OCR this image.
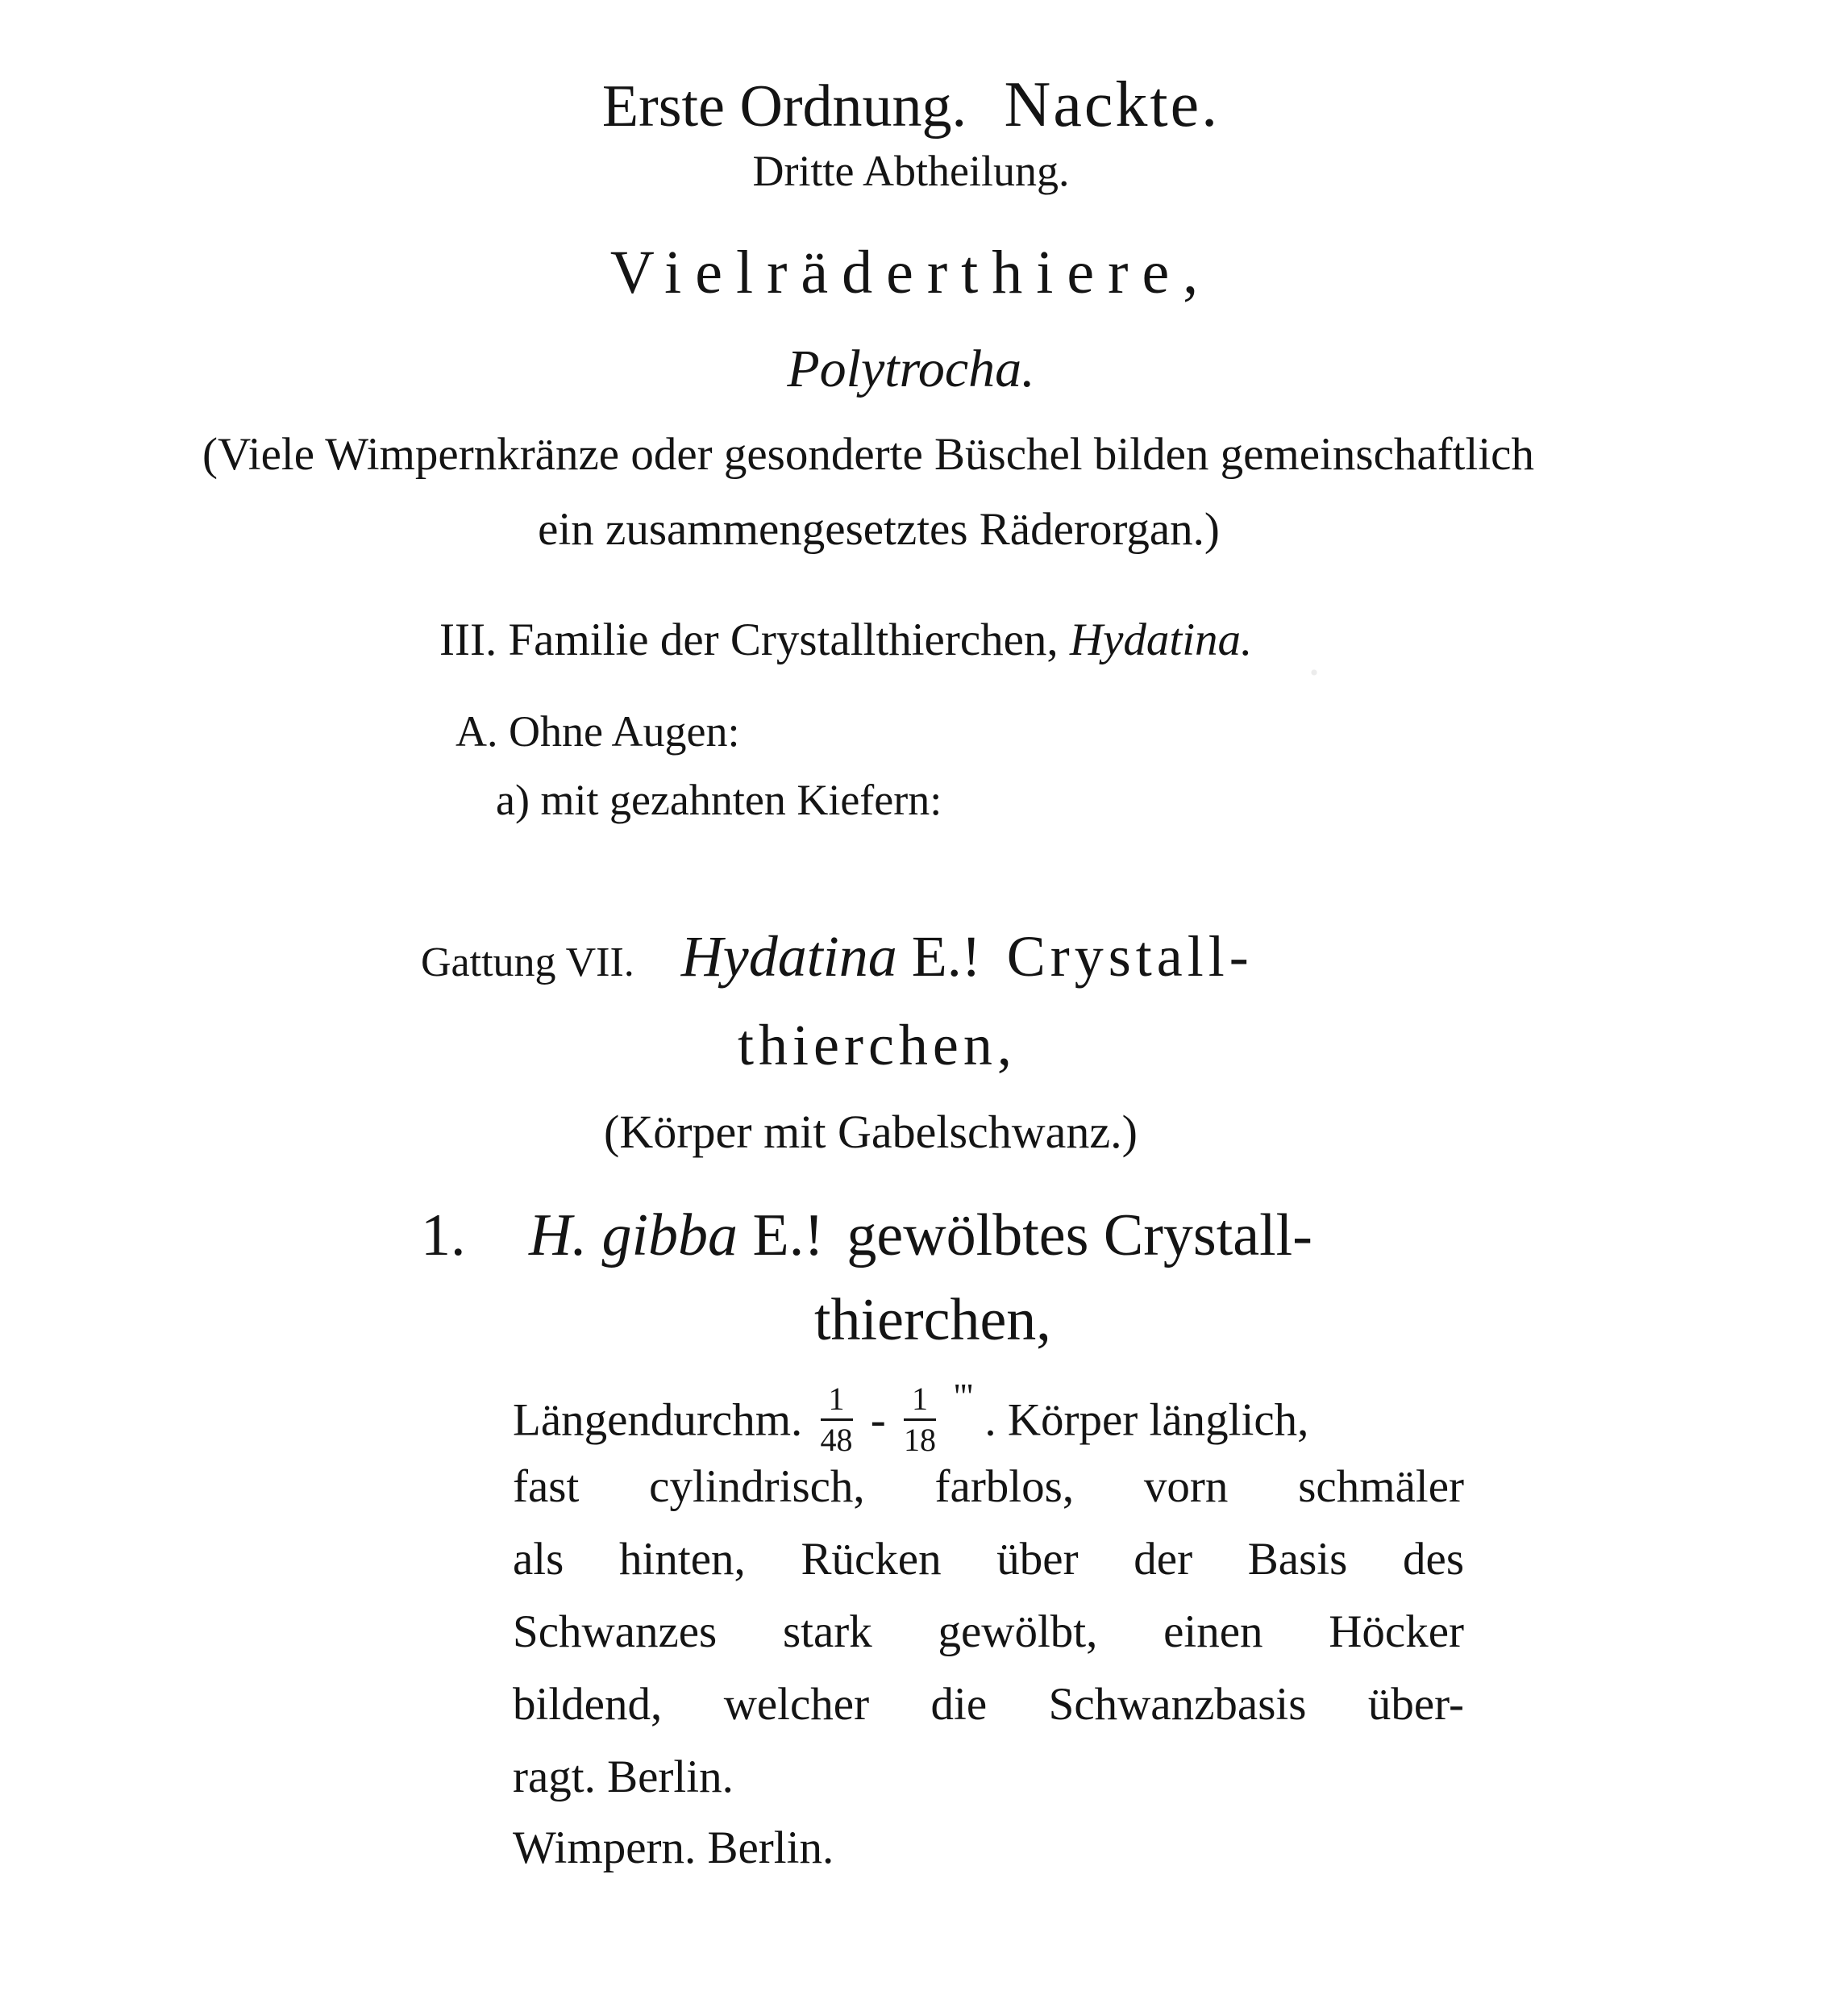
·
Erste Ordnung. Nackte.
Dritte Abtheilung.
Vielräderthiere,
Polytrocha.
(Viele Wimpernkränze oder gesonderte Büschel bilden gemeinschaftlich
ein zusammengesetztes Räderorgan.)
III. Familie der Crystallthierchen, Hydatina.
A. Ohne Augen:
a) mit gezahnten Kiefern:
Gattung VII. Hydatina E.! Crystall-
thierchen,
(Körper mit Gabelschwanz.)
1. H. gibba E.! gewölbtes Crystall-
thierchen,
Längendurchm. $\frac{1}{48} - \frac{1}{18} '''$ . Körper länglich,
fast cylindrisch, farblos, vorn schmäler
als hinten, Rücken über der Basis des
Schwanzes stark gewölbt, einen Höcker
bildend, welcher die Schwanzbasis über-
ragt. Berlin.
Wimpern. Berlin.
